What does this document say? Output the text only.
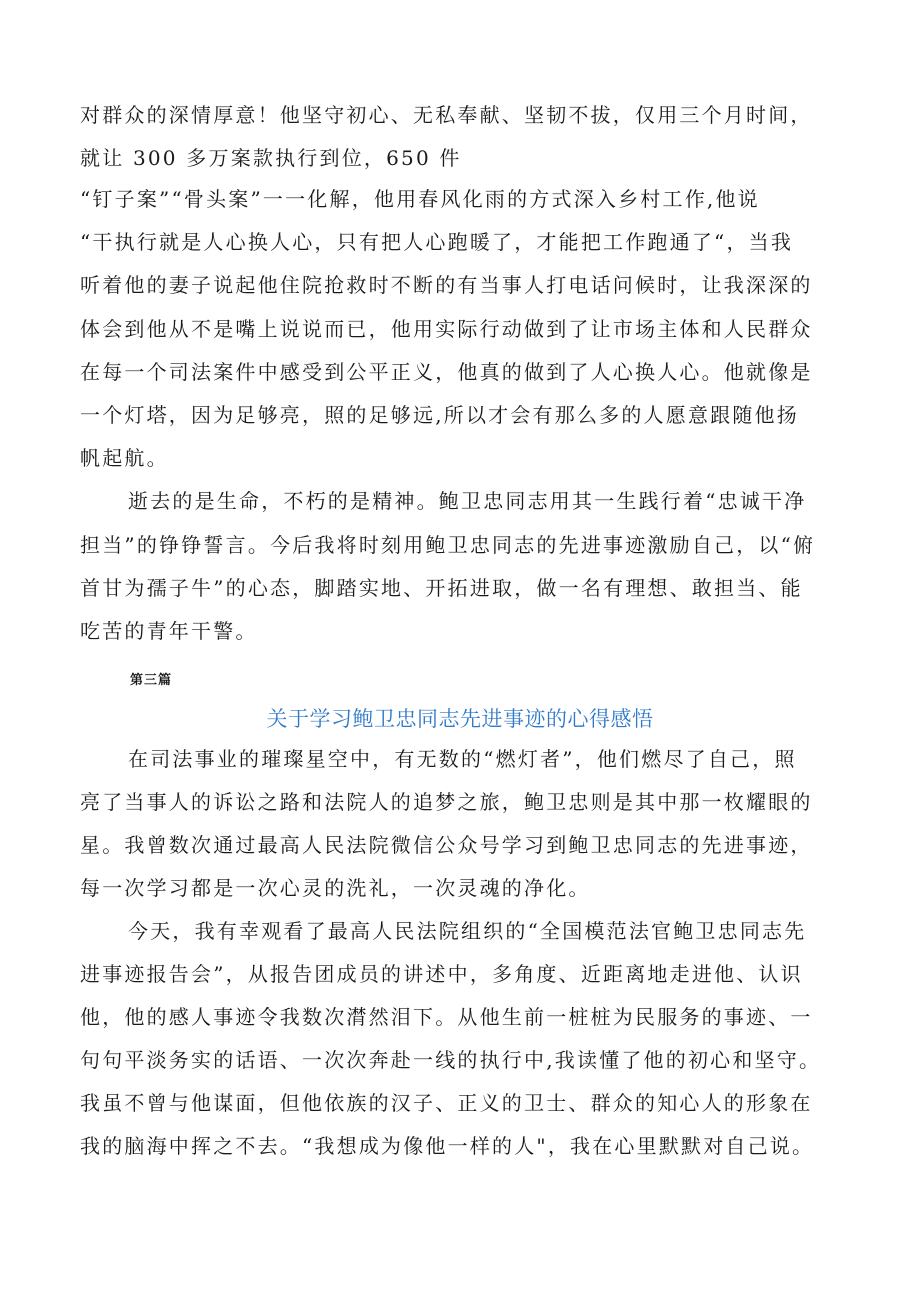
对群众的深情厚意！他坚守初心、无私奉献、坚韧不拔，仅用三个月时间，
就让 300 多万案款执行到位，650 件
“钉子案”“骨头案”一一化解，他用春风化雨的方式深入乡村工作,他说
“干执行就是人心换人心，只有把人心跑暖了，才能把工作跑通了“，当我
听着他的妻子说起他住院抢救时不断的有当事人打电话问候时，让我深深的
体会到他从不是嘴上说说而已，他用实际行动做到了让市场主体和人民群众
在每一个司法案件中感受到公平正义，他真的做到了人心换人心。他就像是
一个灯塔，因为足够亮，照的足够远,所以才会有那么多的人愿意跟随他扬
帆起航。
逝去的是生命，不朽的是精神。鲍卫忠同志用其一生践行着“忠诚干净
担当”的铮铮誓言。今后我将时刻用鲍卫忠同志的先进事迹激励自己，以“俯
首甘为孺子牛”的心态，脚踏实地、开拓进取，做一名有理想、敢担当、能
吃苦的青年干警。
第三篇
关于学习鲍卫忠同志先进事迹的心得感悟
在司法事业的璀璨星空中，有无数的“燃灯者”，他们燃尽了自己，照
亮了当事人的诉讼之路和法院人的追梦之旅，鲍卫忠则是其中那一枚耀眼的
星。我曾数次通过最高人民法院微信公众号学习到鲍卫忠同志的先进事迹，
每一次学习都是一次心灵的洗礼，一次灵魂的净化。
今天，我有幸观看了最高人民法院组织的“全国模范法官鲍卫忠同志先
进事迹报告会”，从报告团成员的讲述中，多角度、近距离地走进他、认识
他，他的感人事迹令我数次潸然泪下。从他生前一桩桩为民服务的事迹、一
句句平淡务实的话语、一次次奔赴一线的执行中,我读懂了他的初心和坚守。
我虽不曾与他谋面，但他依族的汉子、正义的卫士、群众的知心人的形象在
我的脑海中挥之不去。“我想成为像他一样的人"，我在心里默默对自己说。
